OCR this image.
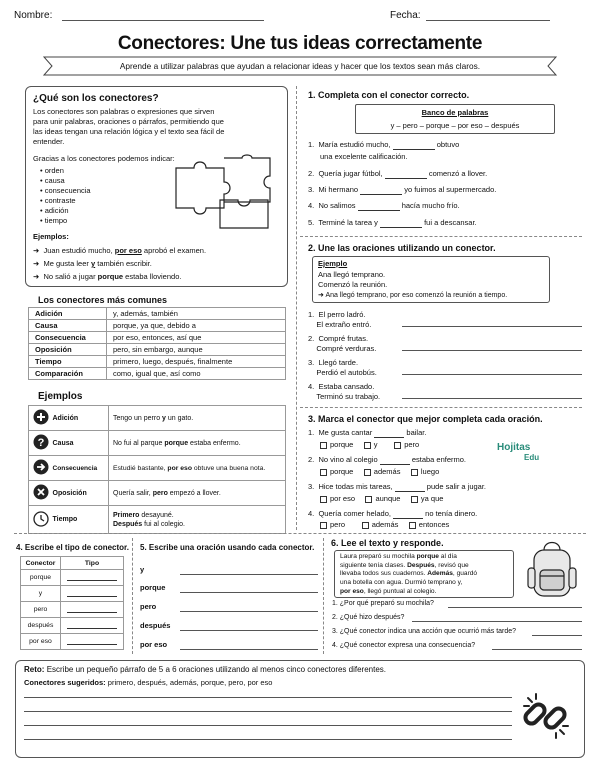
Nombre:	Fecha:
Conectores: Une tus ideas correctamente
Aprende a utilizar palabras que ayudan a relacionar ideas y hacer que los textos sean más claros.
¿Qué son los conectores?
Los conectores son palabras o expresiones que sirven para unir palabras, oraciones o párrafos, permitiendo que las ideas tengan una relación lógica y el texto sea fácil de entender.
Gracias a los conectores podemos indicar:
• orden
• causa
• consecuencia
• contraste
• adición
• tiempo
Ejemplos:
➜  Juan estudió mucho, por eso aprobó el examen.
➜  Me gusta leer y también escribir.
➜  No salió a jugar porque estaba lloviendo.
Los conectores más comunes
Adición	y, además, también
Causa	porque, ya que, debido a
Consecuencia	por eso, entonces, así que
Oposición	pero, sin embargo, aunque
Tiempo	primero, luego, después, finalmente
Comparación	como, igual que, así como
Ejemplos
	Adición	Tengo un perro y un gato.

?	Causa	No fui al parque porque estaba enfermo.
	Consecuencia	Estudié bastante, por eso obtuve una buena nota.
	Oposición	Quería salir, pero empezó a llover.
	Tiempo	Primero desayuné.
Después fui al colegio.
1. Completa con el conector correcto.
Banco de palabras
y – pero – porque – por eso – después
1. María estudió mucho,	obtuvo
una excelente calificación.
2. Quería jugar fútbol,	comenzó a llover.
3. Mi hermano	yo fuimos al supermercado.
4. No salimos	hacía mucho frío.
5. Terminé la tarea y	fui a descansar.
2. Une las oraciones utilizando un conector.
Ejemplo
Ana llegó temprano.
Comenzó la reunión.
➜ Ana llegó temprano, por eso comenzó la reunión a tiempo.
1. El perro ladró.
El extraño entró.
2. Compré frutas.
Compré verduras.
3. Llegó tarde.
Perdió el autobús.
4. Estaba cansado.
Terminó su trabajo.
3. Marca el conector que mejor completa cada oración.
1. Me gusta cantar	bailar.
porque	y	pero
2. No vino al colegio	estaba enfermo.
porque	además	luego
3. Hice todas mis tareas,	pude salir a jugar.
por eso	aunque	ya que
4. Quería comer helado,	no tenía dinero.
pero	además	entonces
Hojitas
Edu
4. Escribe el tipo de conector.
Conector	Tipo
porque	
y	
pero	
después	
por eso	
5. Escribe una oración usando cada conector.
y
porque
pero
después
por eso
6. Lee el texto y responde.
Laura preparó su mochila porque al día
siguiente tenía clases. Después, revisó que
llevaba todos sus cuadernos. Además, guardó
una botella con agua. Durmió temprano y,
por eso, llegó puntual al colegio.
1. ¿Por qué preparó su mochila?
2. ¿Qué hizo después?
3. ¿Qué conector indica una acción que ocurrió más tarde?
4. ¿Qué conector expresa una consecuencia?
Reto: Escribe un pequeño párrafo de 5 a 6 oraciones utilizando al menos cinco conectores diferentes.
Conectores sugeridos: primero, después, además, porque, pero, por eso
